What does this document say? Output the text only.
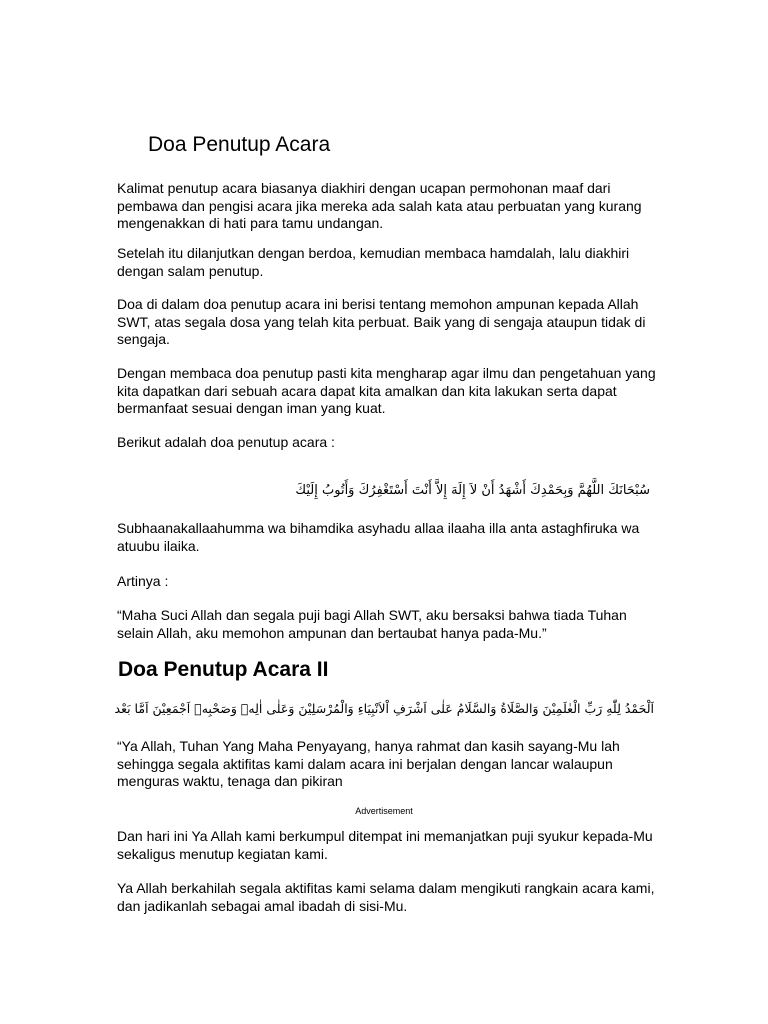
Doa Penutup Acara

Kalimat penutup acara biasanya diakhiri dengan ucapan permohonan maaf dari pembawa dan pengisi acara jika mereka ada salah kata atau perbuatan yang kurang mengenakkan di hati para tamu undangan.

Setelah itu dilanjutkan dengan berdoa, kemudian membaca hamdalah, lalu diakhiri dengan salam penutup.

Doa di dalam doa penutup acara ini berisi tentang memohon ampunan kepada Allah SWT, atas segala dosa yang telah kita perbuat. Baik yang di sengaja ataupun tidak di sengaja.

Dengan membaca doa penutup pasti kita mengharap agar ilmu dan pengetahuan yang kita dapatkan dari sebuah acara dapat kita amalkan dan kita lakukan serta dapat bermanfaat sesuai dengan iman yang kuat.

Berikut adalah doa penutup acara :

سُبْحَانَكَ اللَّهُمَّ وَبِحَمْدِكَ أَشْهَدُ أَنْ لاَ إِلَهَ إِلاَّ أَنْتَ أَسْتَغْفِرُكَ وَأَتُوبُ إِلَيْكَ

Subhaanakallaahumma wa bihamdika asyhadu allaa ilaaha illa anta astaghfiruka wa atuubu ilaika.

Artinya :

“Maha Suci Allah dan segala puji bagi Allah SWT, aku bersaksi bahwa tiada Tuhan selain Allah, aku memohon ampunan dan bertaubat hanya pada-Mu.”

Doa Penutup Acara II

اَلْحَمْدُ لِلّٰهِ رَبِّ الْعٰلَمِيْنَ وَالصَّلَاةُ وَالسَّلَامُ عَلٰى اَشْرَفِ اْلاَنْبِيَاءِ وَالْمُرْسَلِيْنَ وَعَلٰى اٰلِهٖ وَصَحْبِهٖ اَجْمَعِيْنَ اَمَّا بَعْد

“Ya Allah, Tuhan Yang Maha Penyayang, hanya rahmat dan kasih sayang-Mu lah sehingga segala aktifitas kami dalam acara ini berjalan dengan lancar walaupun menguras waktu, tenaga dan pikiran

Advertisement

Dan hari ini Ya Allah kami berkumpul ditempat ini memanjatkan puji syukur kepada-Mu sekaligus menutup kegiatan kami.

Ya Allah berkahilah segala aktifitas kami selama dalam mengikuti rangkain acara kami, dan jadikanlah sebagai amal ibadah di sisi-Mu.
